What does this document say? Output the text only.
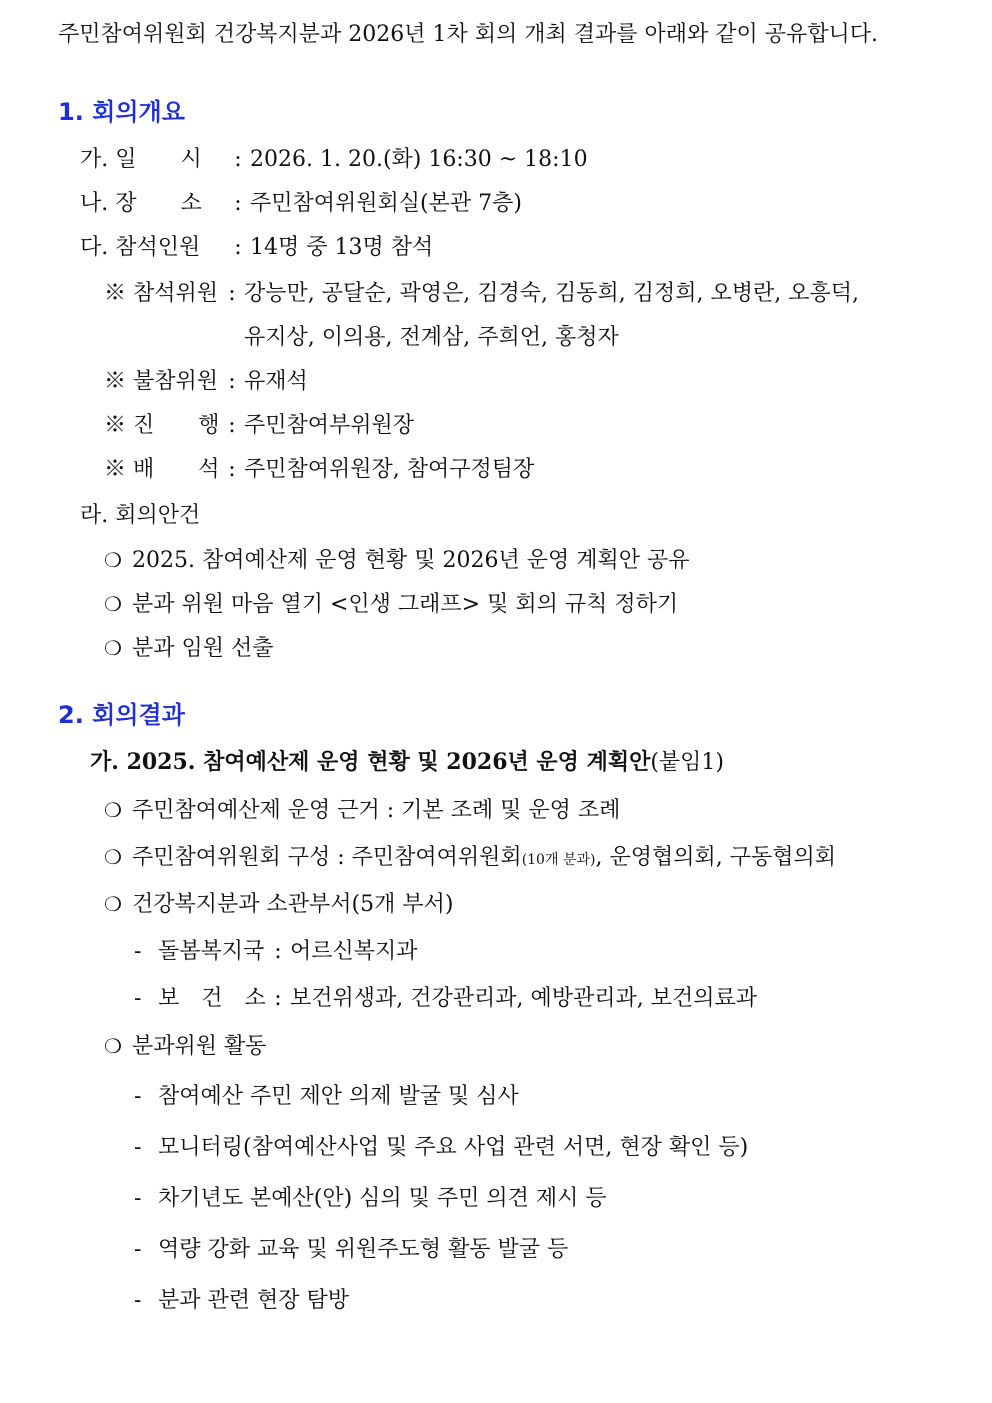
주민참여위원회 건강복지분과 2026년 1차 회의 개최 결과를 아래와 같이 공유합니다.
1. 회의개요
가. 일　　시 : 2026. 1. 20.(화) 16:30 ~ 18:10
나. 장　　소 : 주민참여위원회실(본관 7층)
다. 참석인원 : 14명 중 13명 참석
※ 참석위원 : 강능만, 공달순, 곽영은, 김경숙, 김동희, 김정희, 오병란, 오흥덕,
유지상, 이의용, 전계삼, 주희언, 홍청자
※ 불참위원 : 유재석
※ 진　　행 : 주민참여부위원장
※ 배　　석 : 주민참여위원장, 참여구정팀장
라. 회의안건
❍ 2025. 참여예산제 운영 현황 및 2026년 운영 계획안 공유
❍ 분과 위원 마음 열기 <인생 그래프> 및 회의 규칙 정하기
❍ 분과 임원 선출
2. 회의결과
가. 2025. 참여예산제 운영 현황 및 2026년 운영 계획안(붙임1)
❍ 주민참여예산제 운영 근거 : 기본 조례 및 운영 조례
❍ 주민참여위원회 구성 : 주민참여여위원회(10개 분과), 운영협의회, 구동협의회
❍ 건강복지분과 소관부서(5개 부서)
- 돌봄복지국 : 어르신복지과
- 보　건　소 : 보건위생과, 건강관리과, 예방관리과, 보건의료과
❍ 분과위원 활동
- 참여예산 주민 제안 의제 발굴 및 심사
- 모니터링(참여예산사업 및 주요 사업 관련 서면, 현장 확인 등)
- 차기년도 본예산(안) 심의 및 주민 의견 제시 등
- 역량 강화 교육 및 위원주도형 활동 발굴 등
- 분과 관련 현장 탐방
